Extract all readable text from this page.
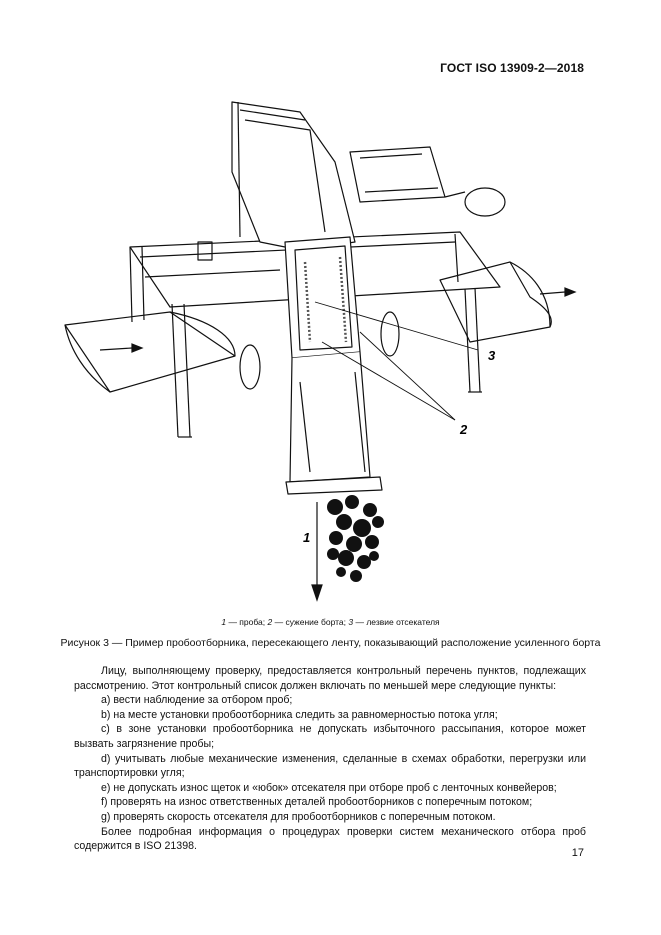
ГОСТ ISO 13909-2—2018
3
2
1
1 — проба; 2 — сужение борта; 3 — лезвие отсекателя
Рисунок 3 — Пример пробоотборника, пересекающего ленту, показывающий расположение усиленного борта

Лицу, выполняющему проверку, предоставляется контрольный перечень пунктов, подлежащих рассмотрению. Этот контрольный список должен включать по меньшей мере следующие пункты:

а) вести наблюдение за отбором проб;

b) на месте установки пробоотборника следить за равномерностью потока угля;

с) в зоне установки пробоотборника не допускать избыточного рассыпания, которое может вызвать загрязнение пробы;

d) учитывать любые механические изменения, сделанные в схемах обработки, перегрузки или транспортировки угля;

е) не допускать износ щеток и «юбок» отсекателя при отборе проб с ленточных конвейеров;

f) проверять на износ ответственных деталей пробоотборников с поперечным потоком;

g) проверять скорость отсекателя для пробоотборников с поперечным потоком.

Более подробная информация о процедурах проверки систем механического отбора проб содержится в ISO 21398.

17
